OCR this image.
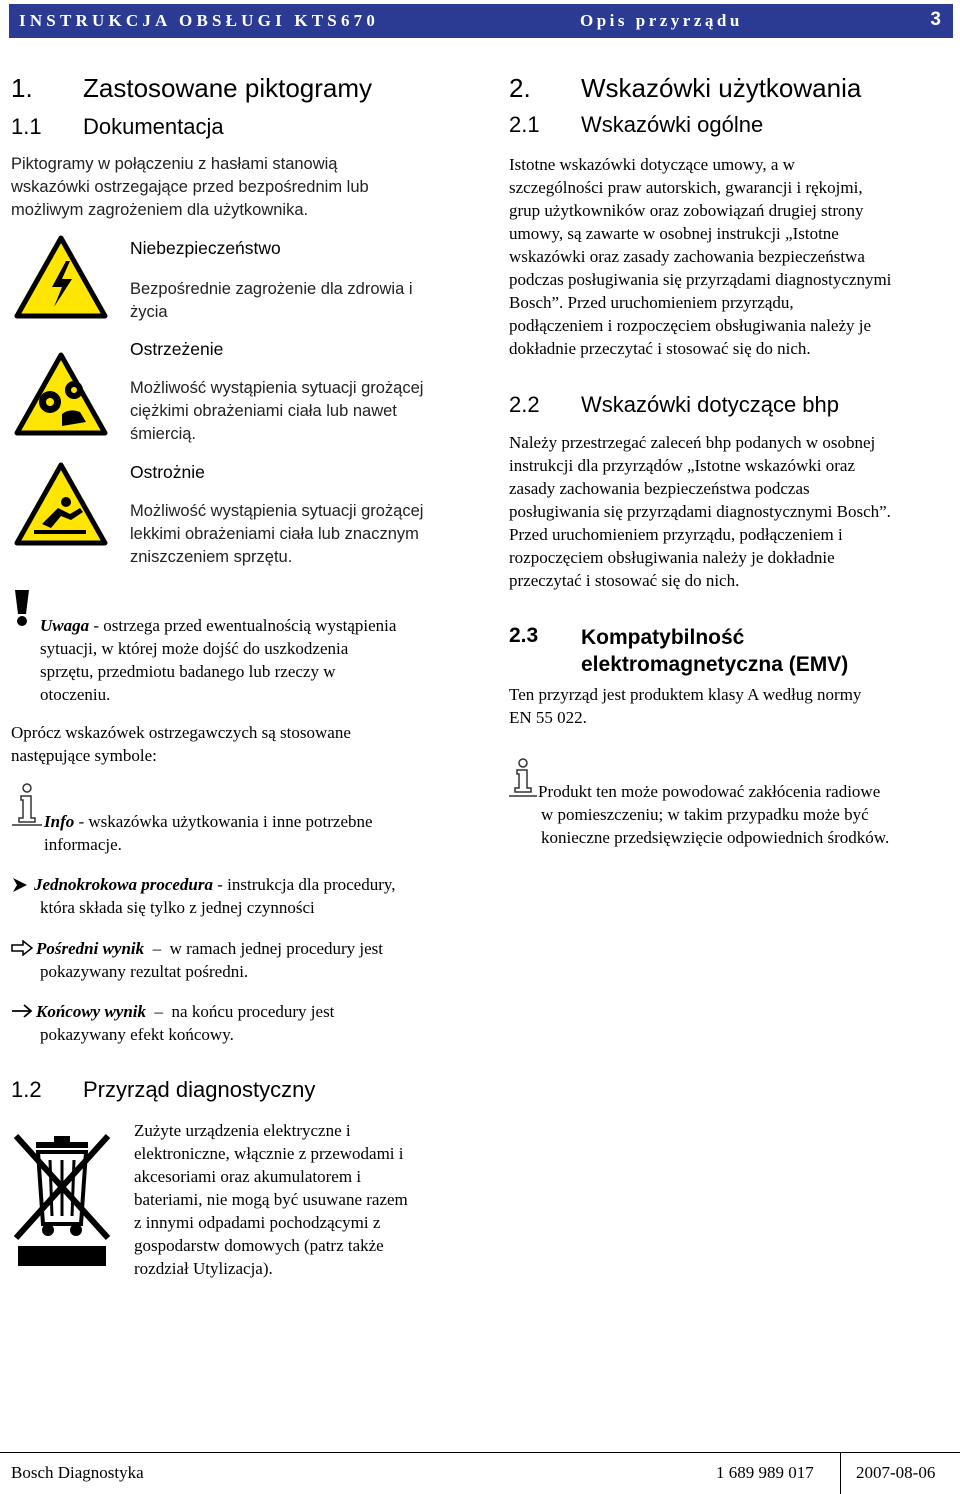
INSTRUKCJA OBSŁUGI KTS670	Opis przyrządu	3
1. Zastosowane piktogramy
1.1 Dokumentacja
Piktogramy w połączeniu z hasłami stanowią
wskazówki ostrzegające przed bezpośrednim lub
możliwym zagrożeniem dla użytkownika.
Niebezpieczeństwo
Bezpośrednie zagrożenie dla zdrowia i
życia
Ostrzeżenie
Możliwość wystąpienia sytuacji grożącej
ciężkimi obrażeniami ciała lub nawet
śmiercią.
Ostrożnie
Możliwość wystąpienia sytuacji grożącej
lekkimi obrażeniami ciała lub znacznym
zniszczeniem sprzętu.
Uwaga - ostrzega przed ewentualnością wystąpienia
sytuacji, w której może dojść do uszkodzenia
sprzętu, przedmiotu badanego lub rzeczy w
otoczeniu.
Oprócz wskazówek ostrzegawczych są stosowane
następujące symbole:
Info - wskazówka użytkowania i inne potrzebne
informacje.
Jednokrokowa procedura - instrukcja dla procedury,
która składa się tylko z jednej czynności
Pośredni wynik  –  w ramach jednej procedury jest
pokazywany rezultat pośredni.
Końcowy wynik  –  na końcu procedury jest
pokazywany efekt końcowy.
1.2 Przyrząd diagnostyczny
Zużyte urządzenia elektryczne i
elektroniczne, włącznie z przewodami i
akcesoriami oraz akumulatorem i
bateriami, nie mogą być usuwane razem
z innymi odpadami pochodzącymi z
gospodarstw domowych (patrz także
rozdział Utylizacja).
2. Wskazówki użytkowania
2.1 Wskazówki ogólne
Istotne wskazówki dotyczące umowy, a w
szczególności praw autorskich, gwarancji i rękojmi,
grup użytkowników oraz zobowiązań drugiej strony
umowy, są zawarte w osobnej instrukcji „Istotne
wskazówki oraz zasady zachowania bezpieczeństwa
podczas posługiwania się przyrządami diagnostycznymi
Bosch”. Przed uruchomieniem przyrządu,
podłączeniem i rozpoczęciem obsługiwania należy je
dokładnie przeczytać i stosować się do nich.
2.2 Wskazówki dotyczące bhp
Należy przestrzegać zaleceń bhp podanych w osobnej
instrukcji dla przyrządów „Istotne wskazówki oraz
zasady zachowania bezpieczeństwa podczas
posługiwania się przyrządami diagnostycznymi Bosch”.
Przed uruchomieniem przyrządu, podłączeniem i
rozpoczęciem obsługiwania należy je dokładnie
przeczytać i stosować się do nich.
2.3 Kompatybilność
elektromagnetyczna (EMV)
Ten przyrząd jest produktem klasy A według normy
EN 55 022.
Produkt ten może powodować zakłócenia radiowe
w pomieszczeniu; w takim przypadku może być
konieczne przedsięwzięcie odpowiednich środków.
Bosch Diagnostyka	1 689 989 017 2007-08-06
